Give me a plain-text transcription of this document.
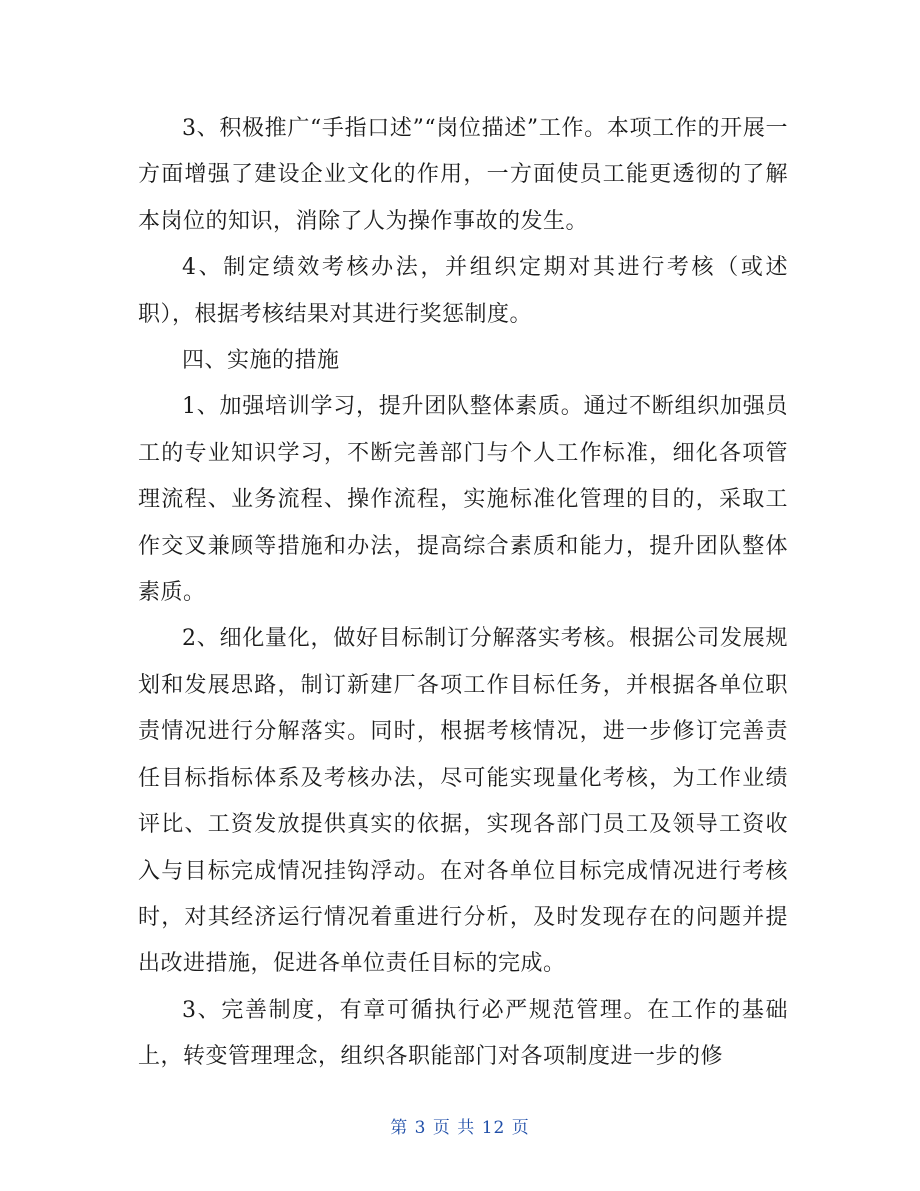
3、积极推广“手指口述”“岗位描述”工作。本项工作的开展一方面增强了建设企业文化的作用，一方面使员工能更透彻的了解本岗位的知识，消除了人为操作事故的发生。

4、制定绩效考核办法，并组织定期对其进行考核（或述职），根据考核结果对其进行奖惩制度。

四、实施的措施

1、加强培训学习，提升团队整体素质。通过不断组织加强员工的专业知识学习，不断完善部门与个人工作标准，细化各项管理流程、业务流程、操作流程，实施标准化管理的目的，采取工作交叉兼顾等措施和办法，提高综合素质和能力，提升团队整体素质。

2、细化量化，做好目标制订分解落实考核。根据公司发展规划和发展思路，制订新建厂各项工作目标任务，并根据各单位职责情况进行分解落实。同时，根据考核情况，进一步修订完善责任目标指标体系及考核办法，尽可能实现量化考核，为工作业绩评比、工资发放提供真实的依据，实现各部门员工及领导工资收入与目标完成情况挂钩浮动。在对各单位目标完成情况进行考核时，对其经济运行情况着重进行分析，及时发现存在的问题并提出改进措施，促进各单位责任目标的完成。

3、完善制度，有章可循执行必严规范管理。在工作的基础上，转变管理理念，组织各职能部门对各项制度进一步的修

第 3 页 共 12 页
